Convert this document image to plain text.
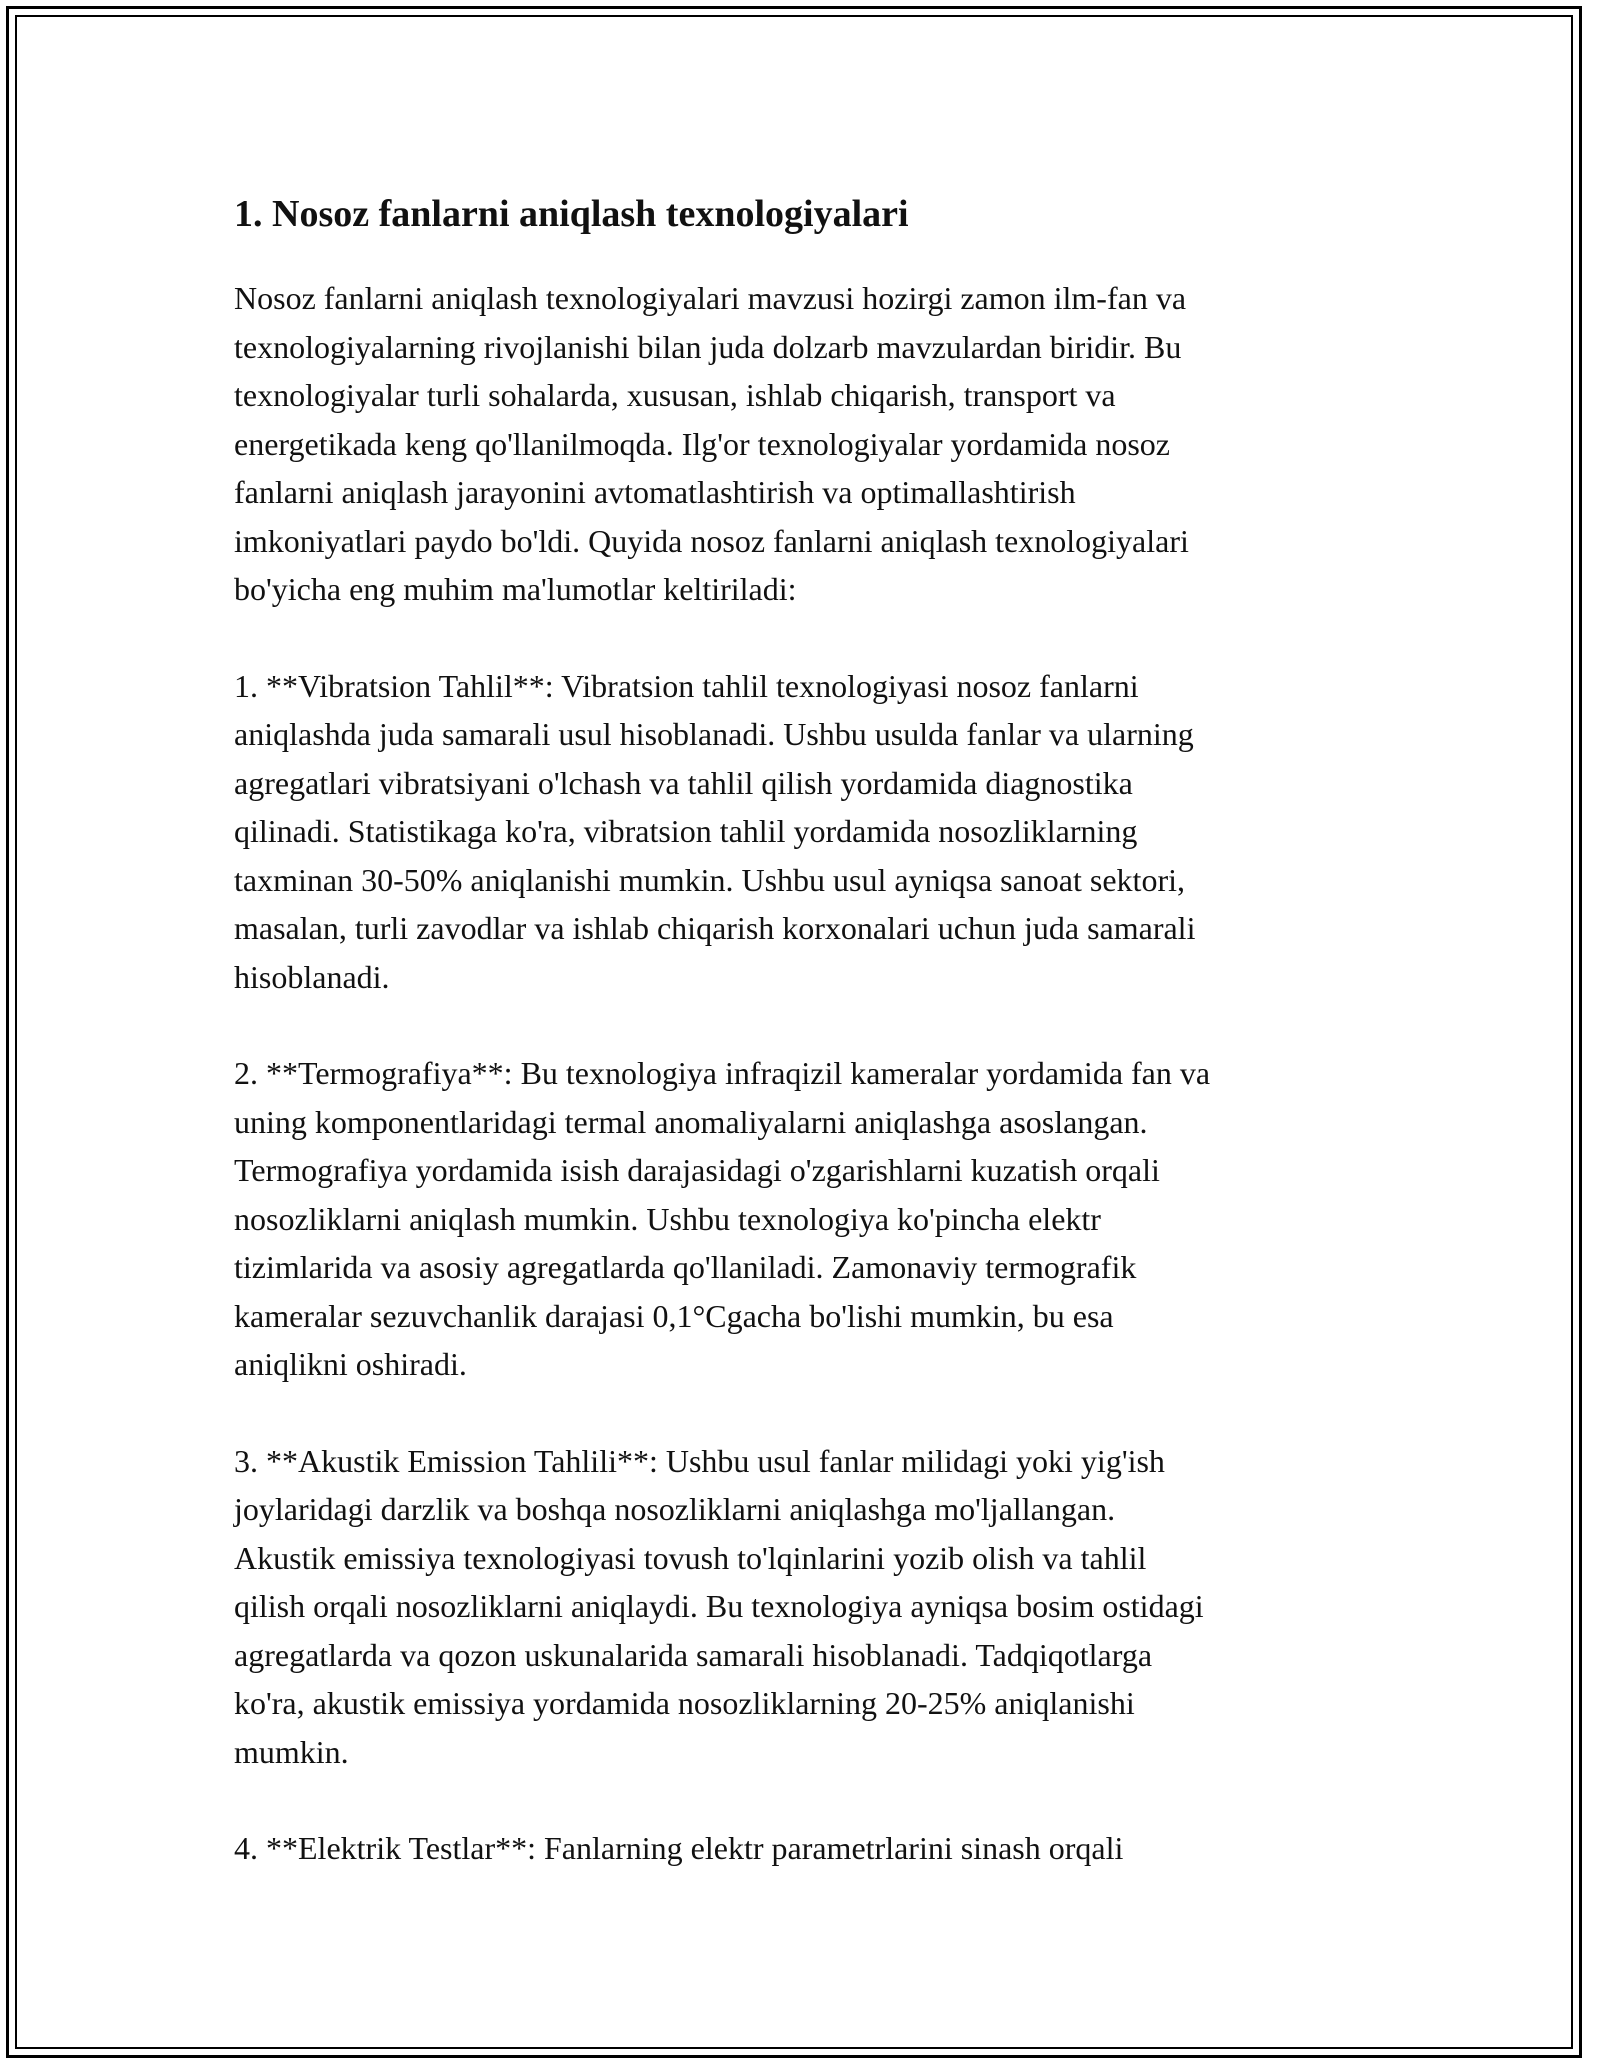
1. Nosoz fanlarni aniqlash texnologiyalari

Nosoz fanlarni aniqlash texnologiyalari mavzusi hozirgi zamon ilm-fan va
texnologiyalarning rivojlanishi bilan juda dolzarb mavzulardan biridir. Bu
texnologiyalar turli sohalarda, xususan, ishlab chiqarish, transport va
energetikada keng qo'llanilmoqda. Ilg'or texnologiyalar yordamida nosoz
fanlarni aniqlash jarayonini avtomatlashtirish va optimallashtirish
imkoniyatlari paydo bo'ldi. Quyida nosoz fanlarni aniqlash texnologiyalari
bo'yicha eng muhim ma'lumotlar keltiriladi:

1. **Vibratsion Tahlil**: Vibratsion tahlil texnologiyasi nosoz fanlarni
aniqlashda juda samarali usul hisoblanadi. Ushbu usulda fanlar va ularning
agregatlari vibratsiyani o'lchash va tahlil qilish yordamida diagnostika
qilinadi. Statistikaga ko'ra, vibratsion tahlil yordamida nosozliklarning
taxminan 30-50% aniqlanishi mumkin. Ushbu usul ayniqsa sanoat sektori,
masalan, turli zavodlar va ishlab chiqarish korxonalari uchun juda samarali
hisoblanadi.

2. **Termografiya**: Bu texnologiya infraqizil kameralar yordamida fan va
uning komponentlaridagi termal anomaliyalarni aniqlashga asoslangan.
Termografiya yordamida isish darajasidagi o'zgarishlarni kuzatish orqali
nosozliklarni aniqlash mumkin. Ushbu texnologiya ko'pincha elektr
tizimlarida va asosiy agregatlarda qo'llaniladi. Zamonaviy termografik
kameralar sezuvchanlik darajasi 0,1°Cgacha bo'lishi mumkin, bu esa
aniqlikni oshiradi.

3. **Akustik Emission Tahlili**: Ushbu usul fanlar milidagi yoki yig'ish
joylaridagi darzlik va boshqa nosozliklarni aniqlashga mo'ljallangan.
Akustik emissiya texnologiyasi tovush to'lqinlarini yozib olish va tahlil
qilish orqali nosozliklarni aniqlaydi. Bu texnologiya ayniqsa bosim ostidagi
agregatlarda va qozon uskunalarida samarali hisoblanadi. Tadqiqotlarga
ko'ra, akustik emissiya yordamida nosozliklarning 20-25% aniqlanishi
mumkin.

4. **Elektrik Testlar**: Fanlarning elektr parametrlarini sinash orqali
